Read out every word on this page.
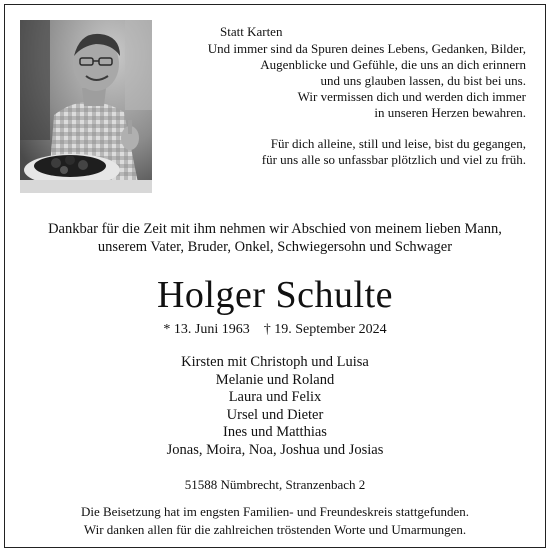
Statt Karten
Und immer sind da Spuren deines Lebens, Gedanken, Bilder,
Augenblicke und Gefühle, die uns an dich erinnern
und uns glauben lassen, du bist bei uns.
Wir vermissen dich und werden dich immer
in unseren Herzen bewahren.
Für dich alleine, still und leise, bist du gegangen,
für uns alle so unfassbar plötzlich und viel zu früh.
Dankbar für die Zeit mit ihm nehmen wir Abschied von meinem lieben Mann,
unserem Vater, Bruder, Onkel, Schwiegersohn und Schwager
Holger Schulte
* 13. Juni 1963 † 19. September 2024
Kirsten mit Christoph und Luisa
Melanie und Roland
Laura und Felix
Ursel und Dieter
Ines und Matthias
Jonas, Moira, Noa, Joshua und Josias
51588 Nümbrecht, Stranzenbach 2
Die Beisetzung hat im engsten Familien- und Freundeskreis stattgefunden.
Wir danken allen für die zahlreichen tröstenden Worte und Umarmungen.
